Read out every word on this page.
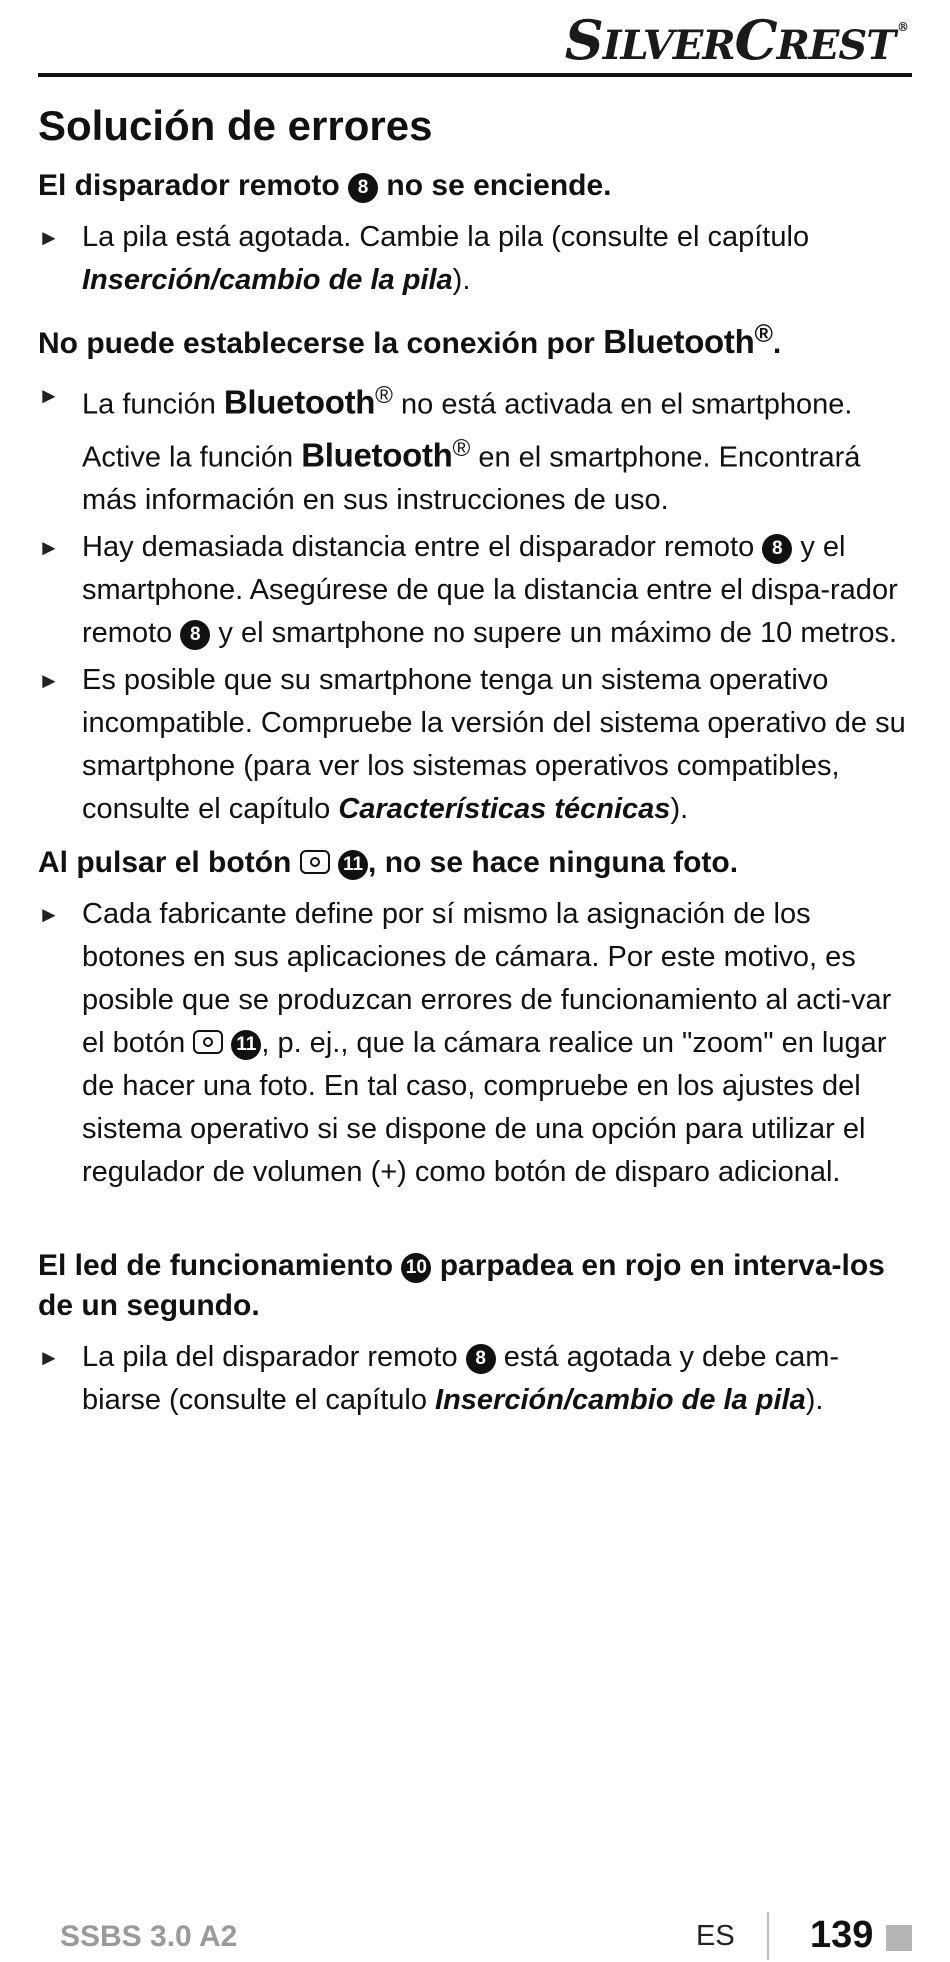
SILVERCREST ®
Solución de errores
El disparador remoto 8 no se enciende.
► La pila está agotada. Cambie la pila (consulte el capítulo Inserción/cambio de la pila).
No puede establecerse la conexión por Bluetooth®.
► La función Bluetooth® no está activada en el smartphone. Active la función Bluetooth® en el smartphone. Encontrará más información en sus instrucciones de uso.
► Hay demasiada distancia entre el disparador remoto 8 y el smartphone. Asegúrese de que la distancia entre el dispa-rador remoto 8 y el smartphone no supere un máximo de 10 metros.
► Es posible que su smartphone tenga un sistema operativo incompatible. Compruebe la versión del sistema operativo de su smartphone (para ver los sistemas operativos compatibles, consulte el capítulo Características técnicas).
Al pulsar el botón  11 , no se hace ninguna foto.
► Cada fabricante define por sí mismo la asignación de los botones en sus aplicaciones de cámara. Por este motivo, es posible que se produzcan errores de funcionamiento al acti-var el botón  11 , p. ej., que la cámara realice un "zoom" en lugar de hacer una foto. En tal caso, compruebe en los ajustes del sistema operativo si se dispone de una opción para utilizar el regulador de volumen (+) como botón de disparo adicional.
El led de funcionamiento 10 parpadea en rojo en interva-los de un segundo.
► La pila del disparador remoto 8 está agotada y debe cam-biarse (consulte el capítulo Inserción/cambio de la pila).
SSBS 3.0 A2	ES 139
